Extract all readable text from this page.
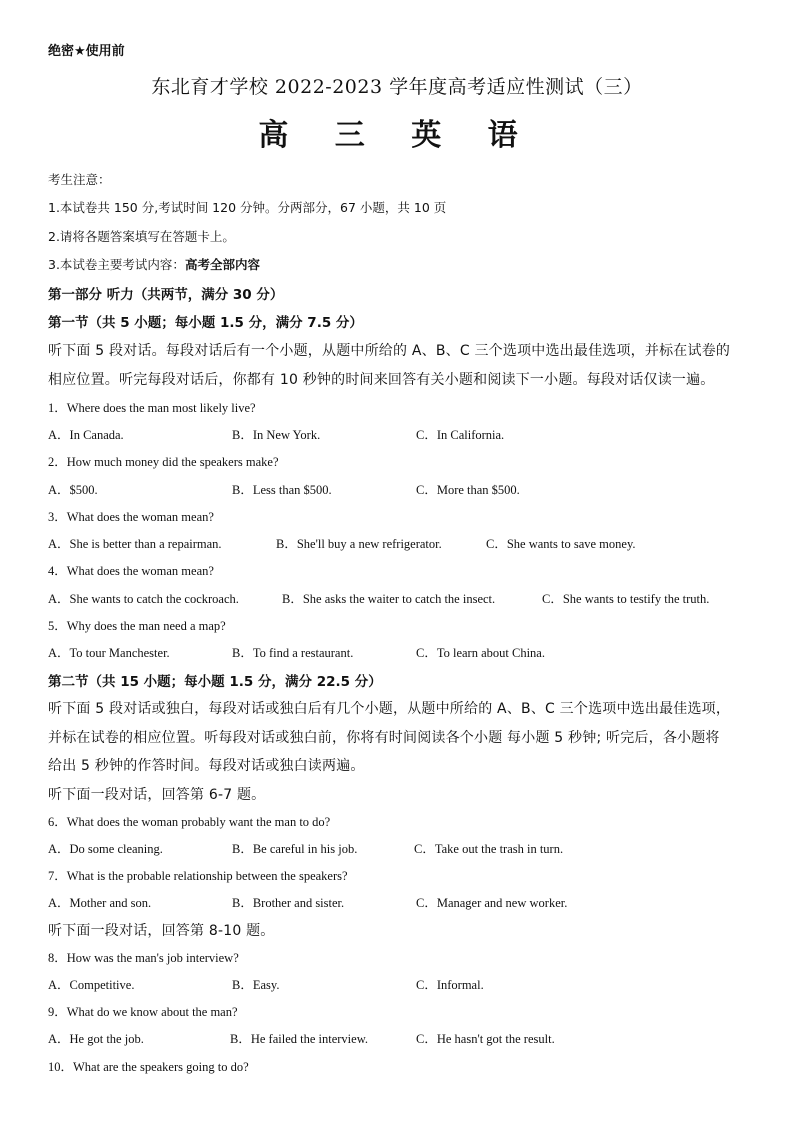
绝密★使用前
东北育才学校 2022-2023 学年度高考适应性测试（三）
高 三 英 语
考生注意：
1.本试卷共 150 分,考试时间 120 分钟。分两部分，67 小题，共 10 页
2.请将各题答案填写在答题卡上。
3.本试卷主要考试内容：高考全部内容
第一部分 听力（共两节，满分 30 分）
第一节（共 5 小题；每小题 1.5 分，满分 7.5 分）
听下面 5 段对话。每段对话后有一个小题，从题中所给的 A、B、C 三个选项中选出最佳选项，并标在试卷的
相应位置。听完每段对话后，你都有 10 秒钟的时间来回答有关小题和阅读下一小题。每段对话仅读一遍。
1．Where does the man most likely live?
A．In Canada.	B．In New York.	C．In California.
2．How much money did the speakers make?
A．$500.	B．Less than $500.	C．More than $500.
3．What does the woman mean?
A．She is better than a repairman.	B．She'll buy a new refrigerator.	C．She wants to save money.
4．What does the woman mean?
A．She wants to catch the cockroach.	B．She asks the waiter to catch the insect.	C．She wants to testify the truth.
5．Why does the man need a map?
A．To tour Manchester.	B．To find a restaurant.	C．To learn about China.
第二节（共 15 小题；每小题 1.5 分，满分 22.5 分）
听下面 5 段对话或独白，每段对话或独白后有几个小题，从题中所给的 A、B、C 三个选项中选出最佳选项，
并标在试卷的相应位置。听每段对话或独白前，你将有时间阅读各个小题 每小题 5 秒钟; 听完后，各小题将
给出 5 秒钟的作答时间。每段对话或独白读两遍。
听下面一段对话，回答第 6-7 题。
6．What does the woman probably want the man to do?
A．Do some cleaning.	B．Be careful in his job.	C．Take out the trash in turn.
7．What is the probable relationship between the speakers?
A．Mother and son.	B．Brother and sister.	C．Manager and new worker.
听下面一段对话，回答第 8-10 题。
8．How was the man's job interview?
A．Competitive.	B．Easy.	C．Informal.
9．What do we know about the man?
A．He got the job.	B．He failed the interview.	C．He hasn't got the result.
10．What are the speakers going to do?
